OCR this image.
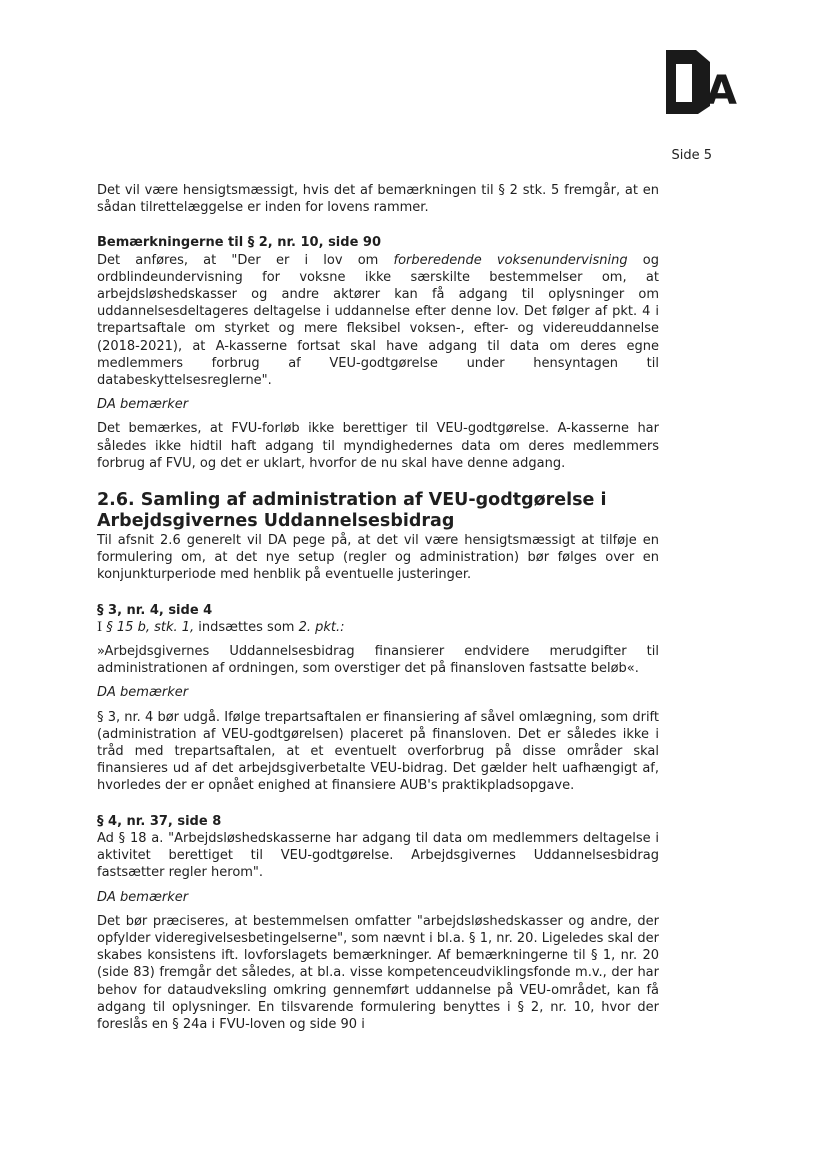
A
Side 5

Det vil være hensigtsmæssigt, hvis det af bemærkningen til § 2 stk. 5 fremgår, at en sådan tilrettelæggelse er inden for lovens rammer.

Bemærkningerne til § 2, nr. 10, side 90

Det anføres, at "Der er i lov om forberedende voksenundervisning og ordblindeundervisning for voksne ikke særskilte bestemmelser om, at arbejdsløshedskasser og andre aktører kan få adgang til oplysninger om uddannelsesdeltageres deltagelse i uddannelse efter denne lov. Det følger af pkt. 4 i trepartsaftale om styrket og mere fleksibel voksen-, efter- og videreuddannelse (2018-2021), at A-kasserne fortsat skal have adgang til data om deres egne medlemmers forbrug af VEU-godtgørelse under hensyntagen til databeskyttelsesreglerne".

DA bemærker

Det bemærkes, at FVU-forløb ikke berettiger til VEU-godtgørelse. A-kasserne har således ikke hidtil haft adgang til myndighedernes data om deres medlemmers forbrug af FVU, og det er uklart, hvorfor de nu skal have denne adgang.

2.6. Samling af administration af VEU-godtgørelse i Arbejdsgivernes Uddannelsesbidrag

Til afsnit 2.6 generelt vil DA pege på, at det vil være hensigtsmæssigt at tilføje en formulering om, at det nye setup (regler og administration) bør følges over en konjunkturperiode med henblik på eventuelle justeringer.

§ 3, nr. 4, side 4

I § 15 b, stk. 1, indsættes som 2. pkt.:

»Arbejdsgivernes Uddannelsesbidrag finansierer endvidere merudgifter til administrationen af ordningen, som overstiger det på finansloven fastsatte beløb«.

DA bemærker

§ 3, nr. 4 bør udgå. Ifølge trepartsaftalen er finansiering af såvel omlægning, som drift (administration af VEU-godtgørelsen) placeret på finansloven. Det er således ikke i tråd med trepartsaftalen, at et eventuelt overforbrug på disse områder skal finansieres ud af det arbejdsgiverbetalte VEU-bidrag. Det gælder helt uafhængigt af, hvorledes der er opnået enighed at finansiere AUB's praktikpladsopgave.

§ 4, nr. 37, side 8

Ad § 18 a. "Arbejdsløshedskasserne har adgang til data om medlemmers deltagelse i aktivitet berettiget til VEU-godtgørelse. Arbejdsgivernes Uddannelsesbidrag fastsætter regler herom".

DA bemærker

Det bør præciseres, at bestemmelsen omfatter "arbejdsløshedskasser og andre, der opfylder videregivelsesbetingelserne", som nævnt i bl.a. § 1, nr. 20. Ligeledes skal der skabes konsistens ift. lovforslagets bemærkninger. Af bemærkningerne til § 1, nr. 20 (side 83) fremgår det således, at bl.a. visse kompetenceudviklingsfonde m.v., der har behov for dataudveksling omkring gennemført uddannelse på VEU-området, kan få adgang til oplysninger. En tilsvarende formulering benyttes i § 2, nr. 10, hvor der foreslås en § 24a i FVU-loven og side 90 i
